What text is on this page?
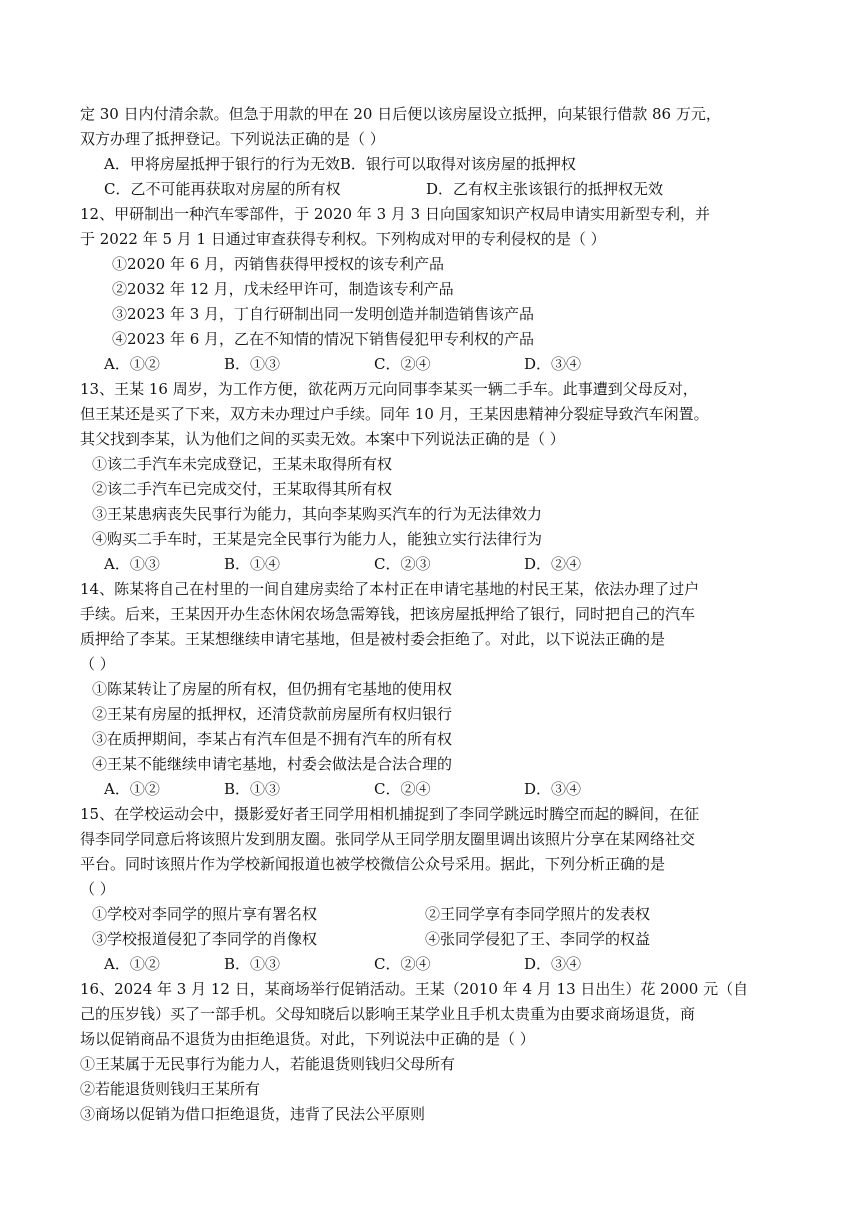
定 30 日内付清余款。但急于用款的甲在 20 日后便以该房屋设立抵押，向某银行借款 86 万元，
双方办理了抵押登记。下列说法正确的是（ ）
A．甲将房屋抵押于银行的行为无效B．银行可以取得对该房屋的抵押权
C．乙不可能再获取对房屋的所有权	D．乙有权主张该银行的抵押权无效
12、甲研制出一种汽车零部件，于 2020 年 3 月 3 日向国家知识产权局申请实用新型专利，并
于 2022 年 5 月 1 日通过审查获得专利权。下列构成对甲的专利侵权的是（ ）
①2020 年 6 月，丙销售获得甲授权的该专利产品
②2032 年 12 月，戊未经甲许可，制造该专利产品
③2023 年 3 月，丁自行研制出同一发明创造并制造销售该产品
④2023 年 6 月，乙在不知情的情况下销售侵犯甲专利权的产品
A．①②	B．①③	C．②④	D．③④
13、王某 16 周岁，为工作方便，欲花两万元向同事李某买一辆二手车。此事遭到父母反对，
但王某还是买了下来，双方未办理过户手续。同年 10 月，王某因患精神分裂症导致汽车闲置。
其父找到李某，认为他们之间的买卖无效。本案中下列说法正确的是（ ）
①该二手汽车未完成登记，王某未取得所有权
②该二手汽车已完成交付，王某取得其所有权
③王某患病丧失民事行为能力，其向李某购买汽车的行为无法律效力
④购买二手车时，王某是完全民事行为能力人，能独立实行法律行为
A．①③	B．①④	C．②③	D．②④
14、陈某将自己在村里的一间自建房卖给了本村正在申请宅基地的村民王某，依法办理了过户
手续。后来，王某因开办生态休闲农场急需筹钱，把该房屋抵押给了银行，同时把自己的汽车
质押给了李某。王某想继续申请宅基地，但是被村委会拒绝了。对此，以下说法正确的是
（ ）
①陈某转让了房屋的所有权，但仍拥有宅基地的使用权
②王某有房屋的抵押权，还清贷款前房屋所有权归银行
③在质押期间，李某占有汽车但是不拥有汽车的所有权
④王某不能继续申请宅基地，村委会做法是合法合理的
A．①②	B．①③	C．②④	D．③④
15、在学校运动会中，摄影爱好者王同学用相机捕捉到了李同学跳远时腾空而起的瞬间，在征
得李同学同意后将该照片发到朋友圈。张同学从王同学朋友圈里调出该照片分享在某网络社交
平台。同时该照片作为学校新闻报道也被学校微信公众号采用。据此，下列分析正确的是
（ ）
①学校对李同学的照片享有署名权	②王同学享有李同学照片的发表权
③学校报道侵犯了李同学的肖像权	④张同学侵犯了王、李同学的权益
A．①②	B．①③	C．②④	D．③④
16、2024 年 3 月 12 日，某商场举行促销活动。王某（2010 年 4 月 13 日出生）花 2000 元（自
己的压岁钱）买了一部手机。父母知晓后以影响王某学业且手机太贵重为由要求商场退货，商
场以促销商品不退货为由拒绝退货。对此，下列说法中正确的是（ ）
①王某属于无民事行为能力人，若能退货则钱归父母所有
②若能退货则钱归王某所有
③商场以促销为借口拒绝退货，违背了民法公平原则
